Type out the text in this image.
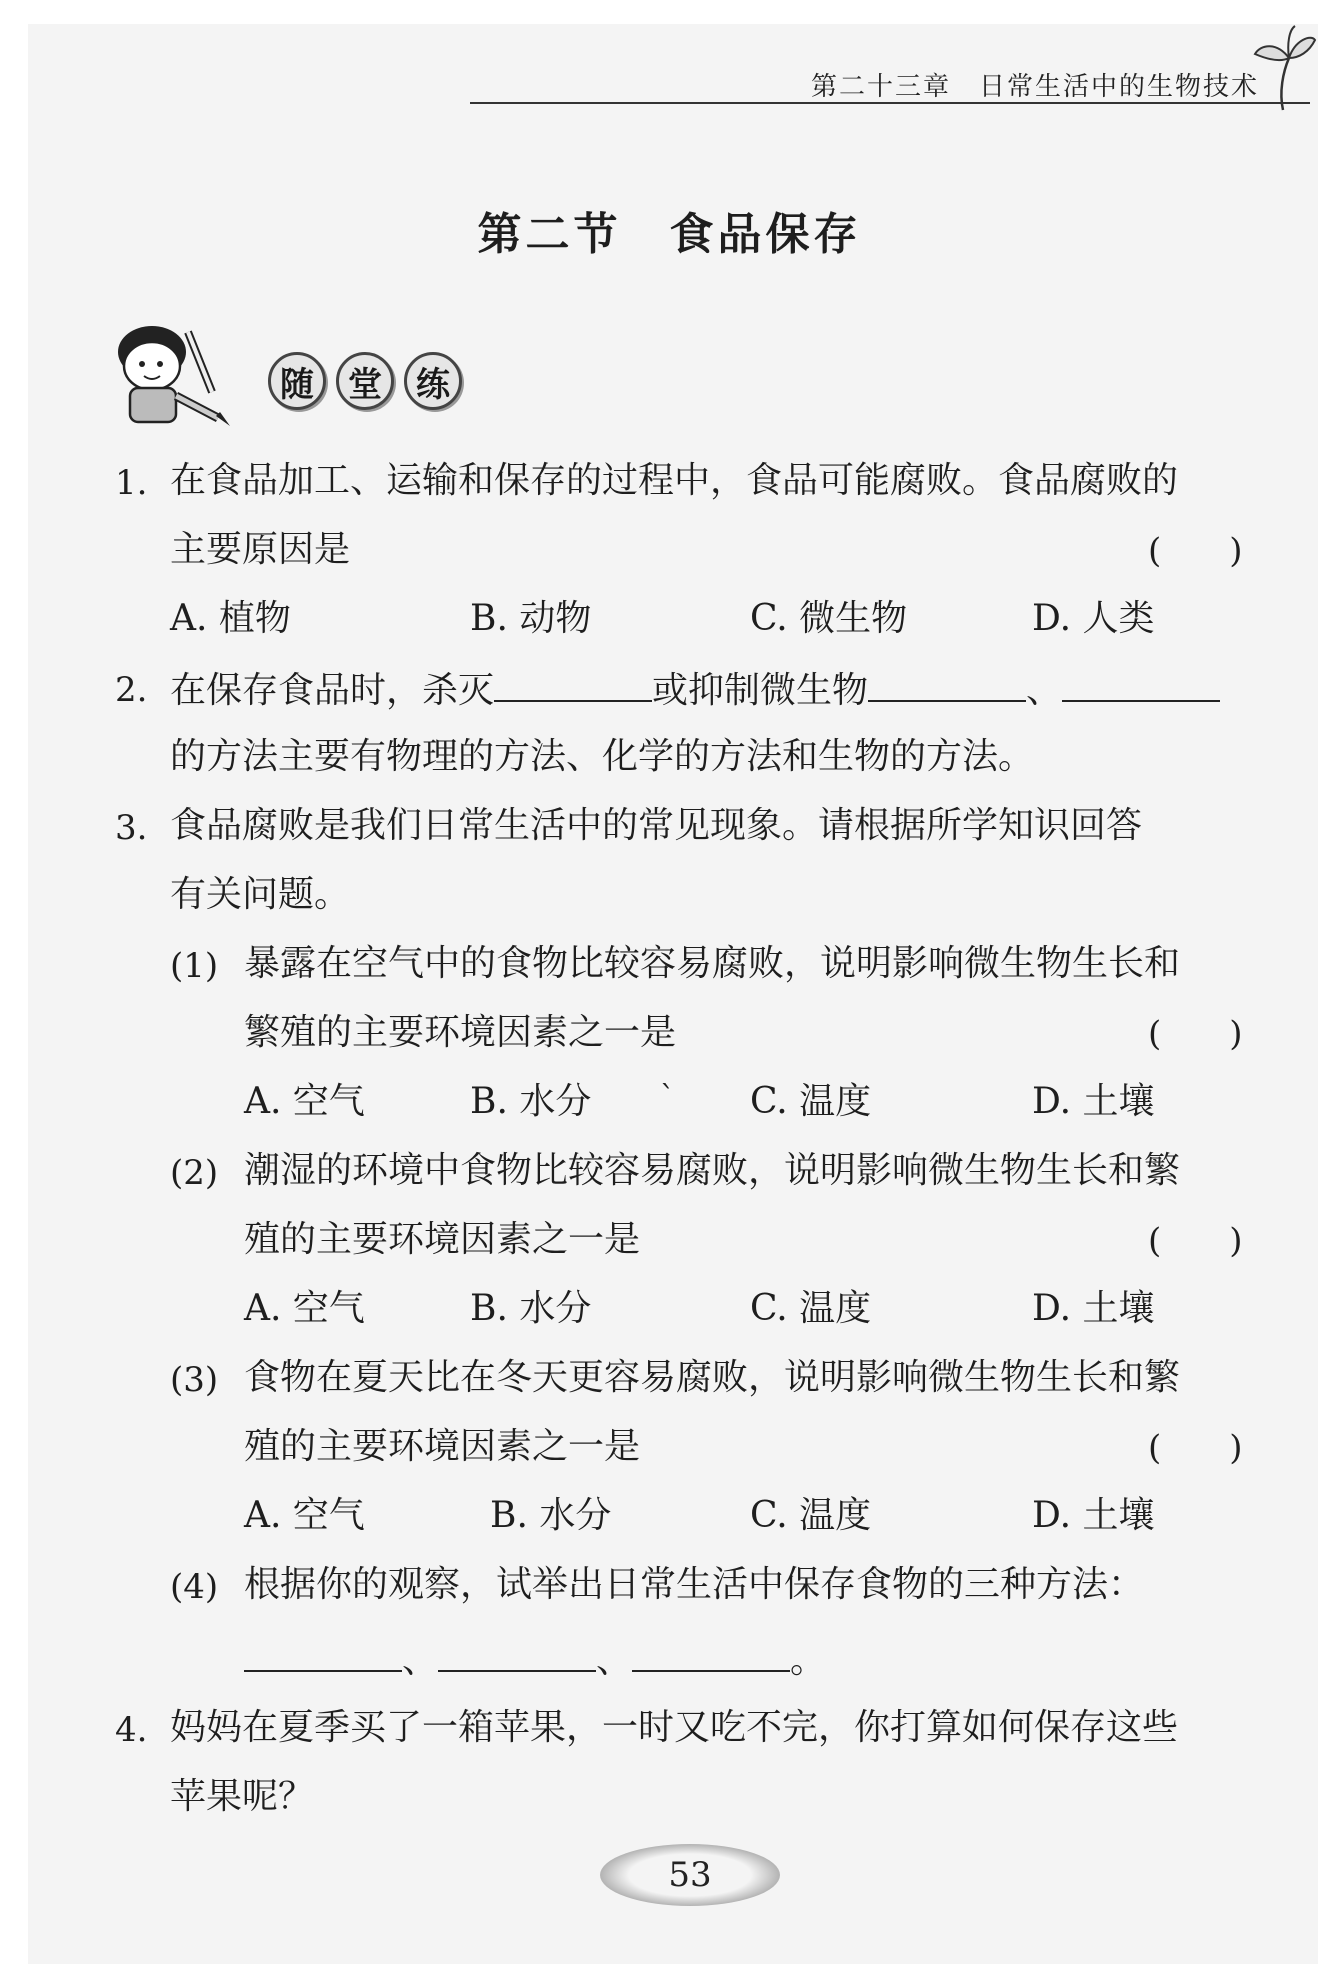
第二十三章　日常生活中的生物技术
第二节　食品保存
随	堂	练
1. 在食品加工、运输和保存的过程中，食品可能腐败。食品腐败的
主要原因是	(　　)
A. 植物	B. 动物	C. 微生物	D. 人类
2. 在保存食品时，杀灭	或抑制微生物	、
的方法主要有物理的方法、化学的方法和生物的方法。
3. 食品腐败是我们日常生活中的常见现象。请根据所学知识回答
有关问题。
(1) 暴露在空气中的食物比较容易腐败，说明影响微生物生长和
繁殖的主要环境因素之一是	(　　)
A. 空气	B. 水分 ˋ C. 温度	D. 土壤
(2) 潮湿的环境中食物比较容易腐败，说明影响微生物生长和繁
殖的主要环境因素之一是	(　　)
A. 空气	B. 水分	C. 温度	D. 土壤
(3) 食物在夏天比在冬天更容易腐败，说明影响微生物生长和繁
殖的主要环境因素之一是	(　　)
A. 空气	B. 水分	C. 温度	D. 土壤
(4) 根据你的观察，试举出日常生活中保存食物的三种方法：
、	、	。
4. 妈妈在夏季买了一箱苹果，一时又吃不完，你打算如何保存这些
苹果呢？
53
